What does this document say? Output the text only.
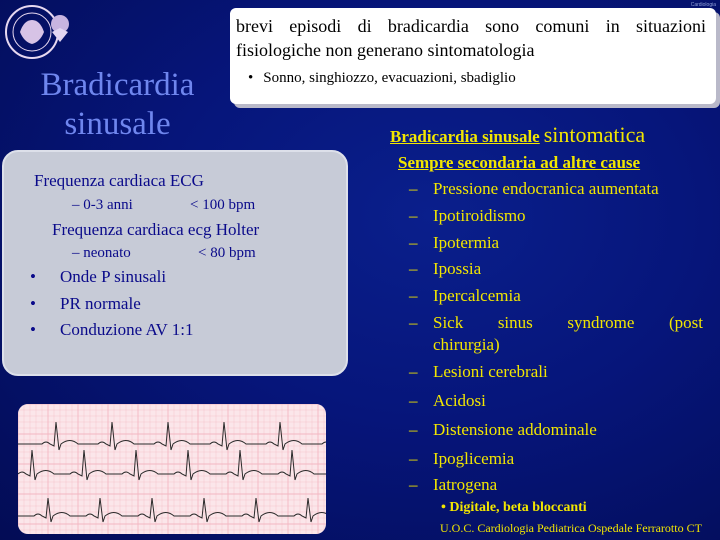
Cardiologia
Bradicardia
sinusale
brevi episodi di bradicardia sono comuni in situazioni
fisiologiche non generano sintomatologia
• Sonno, singhiozzo, evacuazioni, sbadiglio
Frequenza cardiaca ECG
– 0-3 anni	< 100 bpm
Frequenza cardiaca ecg Holter
– neonato	< 80 bpm
• Onde P sinusali
• PR normale
• Conduzione AV 1:1
Bradicardia sinusale sintomatica
Sempre secondaria ad altre cause
– Pressione endocranica aumentata
– Ipotiroidismo
– Ipotermia
– Ipossia
– Ipercalcemia
– Sick sinus syndrome (post
chirurgia)
– Lesioni cerebrali
– Acidosi
– Distensione addominale
– Ipoglicemia
– Iatrogena
• Digitale, beta bloccanti
U.O.C. Cardiologia Pediatrica Ospedale Ferrarotto CT
